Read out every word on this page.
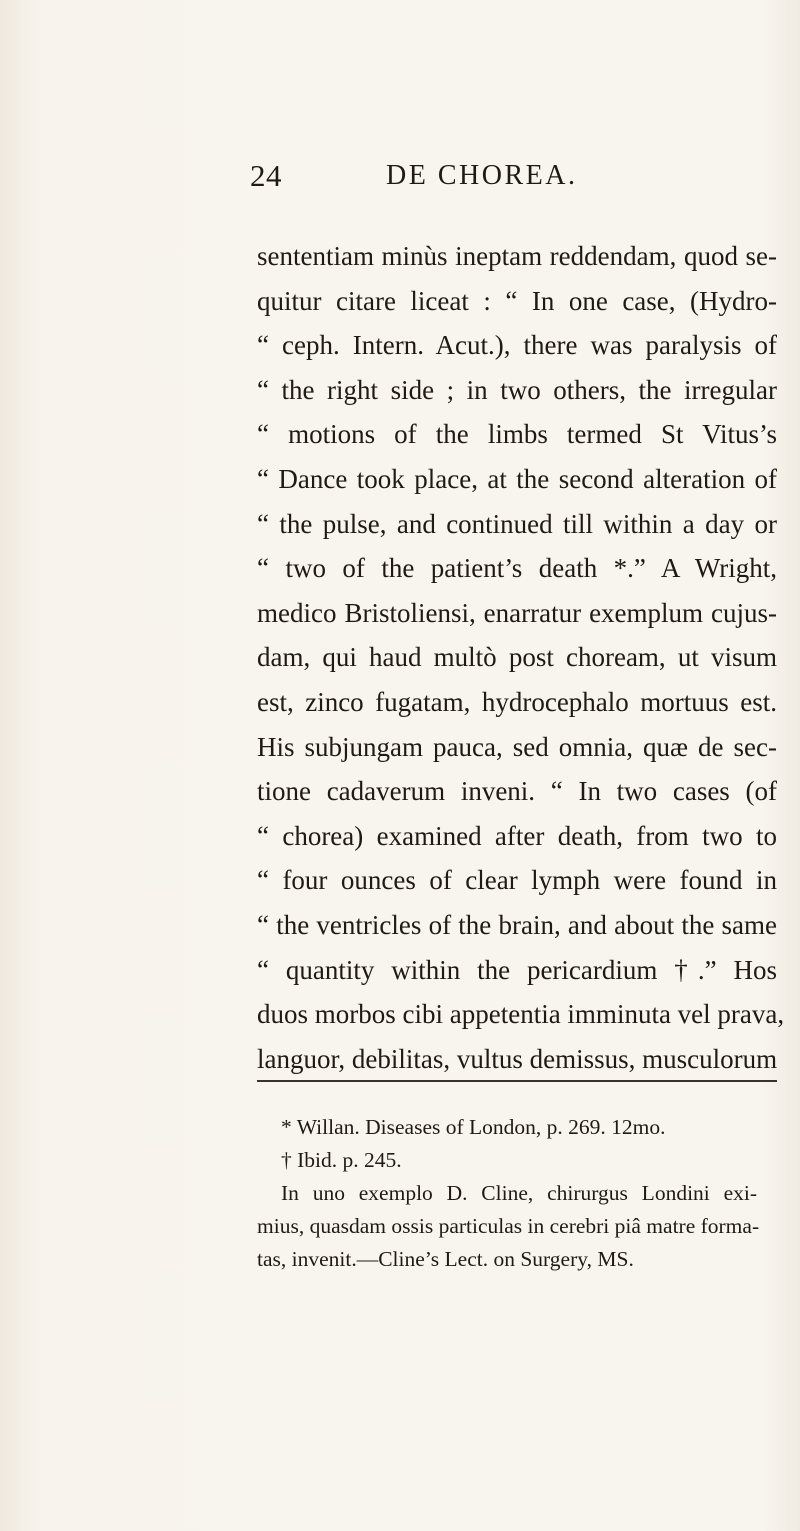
24	DE CHOREA.
sententiam minùs ineptam reddendam, quod se-
quitur citare liceat : “ In one case, (Hydro-
“ ceph. Intern. Acut.), there was paralysis of
“ the right side ; in two others, the irregular
“ motions of the limbs termed St Vitus’s
“ Dance took place, at the second alteration of
“ the pulse, and continued till within a day or
“ two of the patient’s death *.” A Wright,
medico Bristoliensi, enarratur exemplum cujus-
dam, qui haud multò post choream, ut visum
est, zinco fugatam, hydrocephalo mortuus est.
His subjungam pauca, sed omnia, quæ de sec-
tione cadaverum inveni. “ In two cases (of
“ chorea) examined after death, from two to
“ four ounces of clear lymph were found in
“ the ventricles of the brain, and about the same
“ quantity within the pericardium †.” Hos
duos morbos cibi appetentia imminuta vel prava,
languor, debilitas, vultus demissus, musculorum
* Willan. Diseases of London, p. 269. 12mo.
† Ibid. p. 245.
In uno exemplo D. Cline, chirurgus Londini exi-
mius, quasdam ossis particulas in cerebri piâ matre forma-
tas, invenit.—Cline’s Lect. on Surgery, MS.
